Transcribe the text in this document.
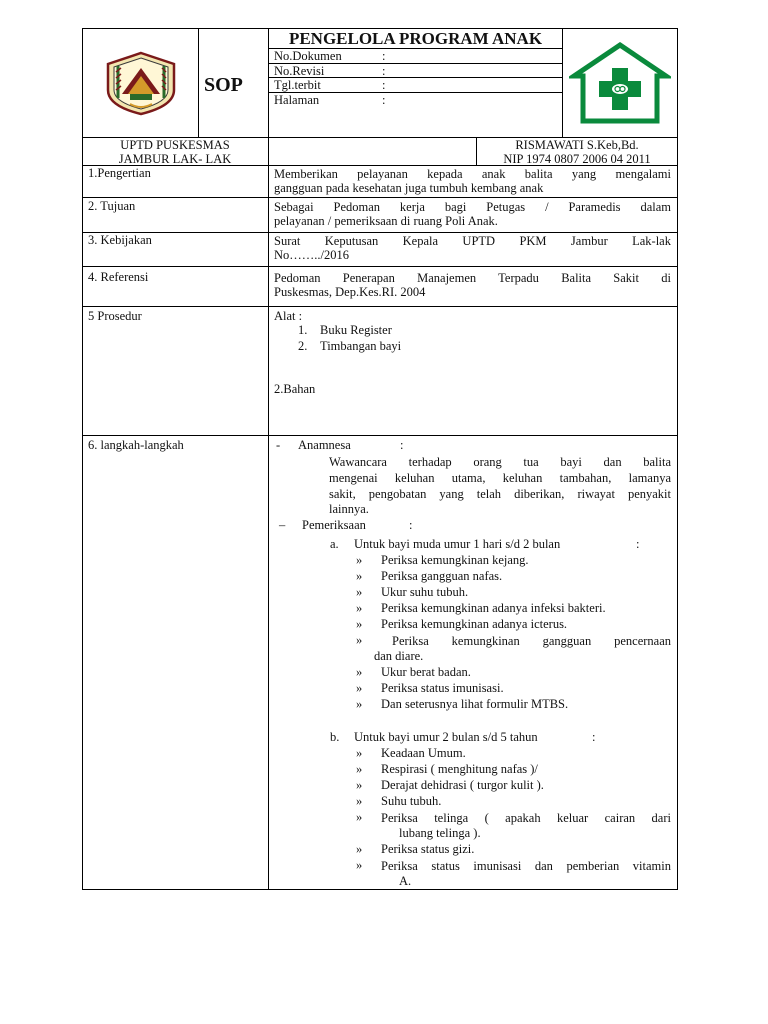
SOP
PENGELOLA PROGRAM ANAK
No.Dokumen	:
No.Revisi	:
Tgl.terbit	:
Halaman	:
UPTD PUSKESMAS
JAMBUR LAK- LAK
RISMAWATI S.Keb,Bd.
NIP 1974 0807 2006 04 2011
1.Pengertian	Memberikan pelayanan kepada anak balita yang mengalami
gangguan pada kesehatan juga tumbuh kembang anak
2. Tujuan	Sebagai Pedoman kerja bagi Petugas / Paramedis dalam
pelayanan / pemeriksaan di ruang Poli Anak.
3. Kebijakan	Surat Keputusan Kepala UPTD PKM Jambur Lak-lak
No……../2016
4. Referensi	Pedoman Penerapan Manajemen Terpadu Balita Sakit di
Puskesmas, Dep.Kes.RI. 2004
5 Prosedur	Alat :
1. Buku Register
2. Timbangan bayi
2.Bahan
6. langkah-langkah	- Anamnesa	:
Wawancara terhadap orang tua bayi dan balita
mengenai keluhan utama, keluhan tambahan, lamanya
sakit, pengobatan yang telah diberikan, riwayat penyakit
lainnya.
– Pemeriksaan	:
a. Untuk bayi muda umur 1 hari s/d 2 bulan	:
» Periksa kemungkinan kejang.
» Periksa gangguan nafas.
» Ukur suhu tubuh.
» Periksa kemungkinan adanya infeksi bakteri.
» Periksa kemungkinan adanya icterus.
» Periksa kemungkinan gangguan pencernaan
dan diare.
» Ukur berat badan.
» Periksa status imunisasi.
» Dan seterusnya lihat formulir MTBS.
b. Untuk bayi umur 2 bulan s/d 5 tahun	:
» Keadaan Umum.
» Respirasi ( menghitung nafas )/
» Derajat dehidrasi ( turgor kulit ).
» Suhu tubuh.
» Periksa telinga ( apakah keluar cairan dari
lubang telinga ).
» Periksa status gizi.
» Periksa status imunisasi dan pemberian vitamin
A.
